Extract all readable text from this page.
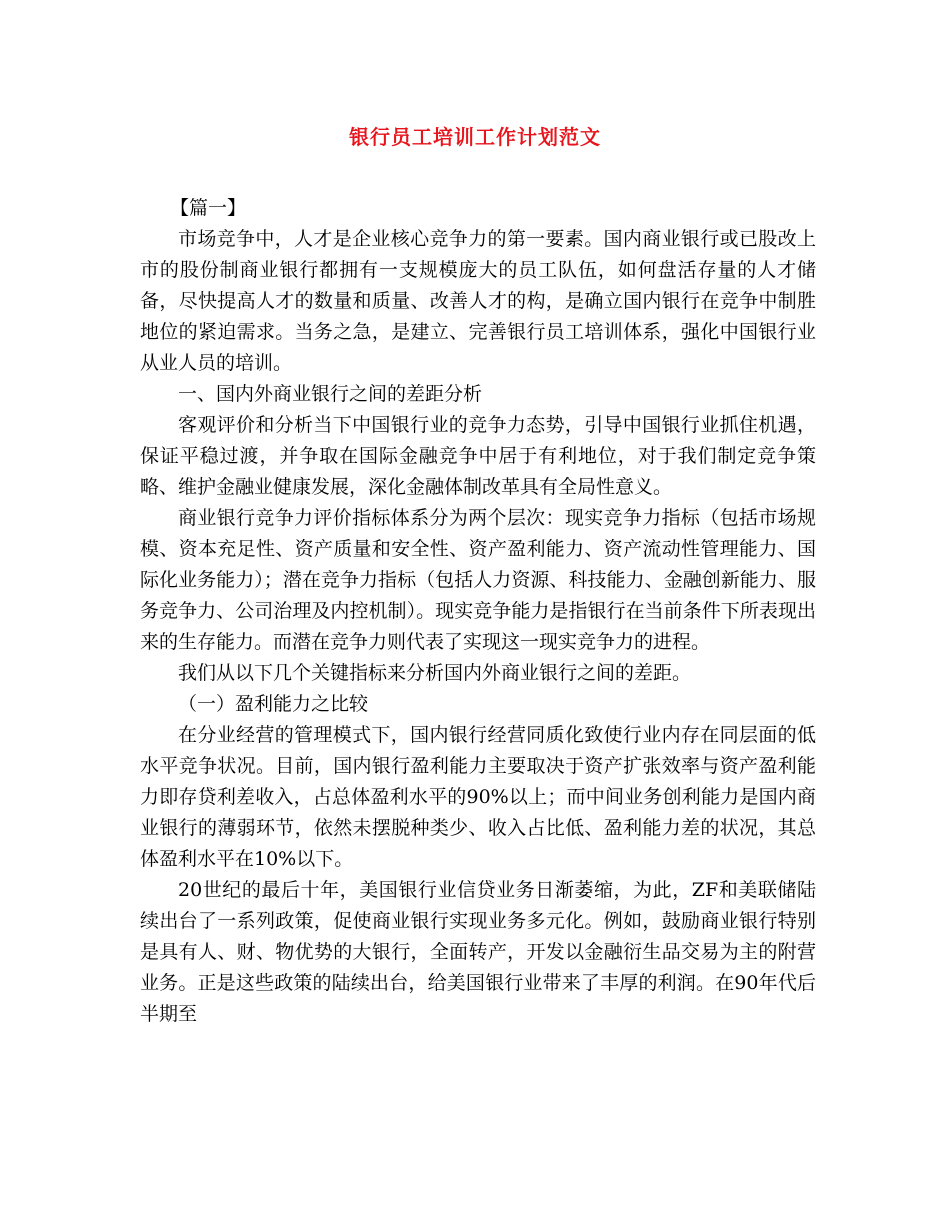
银行员工培训工作计划范文

【篇一】

市场竞争中，人才是企业核心竞争力的第一要素。国内商业银行或已股改上市的股份制商业银行都拥有一支规模庞大的员工队伍，如何盘活存量的人才储备，尽快提高人才的数量和质量、改善人才的构，是确立国内银行在竞争中制胜地位的紧迫需求。当务之急，是建立、完善银行员工培训体系，强化中国银行业从业人员的培训。

一、国内外商业银行之间的差距分析

客观评价和分析当下中国银行业的竞争力态势，引导中国银行业抓住机遇，保证平稳过渡，并争取在国际金融竞争中居于有利地位，对于我们制定竞争策略、维护金融业健康发展，深化金融体制改革具有全局性意义。

商业银行竞争力评价指标体系分为两个层次：现实竞争力指标（包括市场规模、资本充足性、资产质量和安全性、资产盈利能力、资产流动性管理能力、国际化业务能力）；潜在竞争力指标（包括人力资源、科技能力、金融创新能力、服务竞争力、公司治理及内控机制）。现实竞争能力是指银行在当前条件下所表现出来的生存能力。而潜在竞争力则代表了实现这一现实竞争力的进程。

我们从以下几个关键指标来分析国内外商业银行之间的差距。

（一）盈利能力之比较

在分业经营的管理模式下，国内银行经营同质化致使行业内存在同层面的低水平竞争状况。目前，国内银行盈利能力主要取决于资产扩张效率与资产盈利能力即存贷利差收入，占总体盈利水平的90%以上；而中间业务创利能力是国内商业银行的薄弱环节，依然未摆脱种类少、收入占比低、盈利能力差的状况，其总体盈利水平在10%以下。

20世纪的最后十年，美国银行业信贷业务日渐萎缩，为此，ZF和美联储陆续出台了一系列政策，促使商业银行实现业务多元化。例如，鼓励商业银行特别是具有人、财、物优势的大银行，全面转产，开发以金融衍生品交易为主的附营业务。正是这些政策的陆续出台，给美国银行业带来了丰厚的利润。在90年代后半期至
